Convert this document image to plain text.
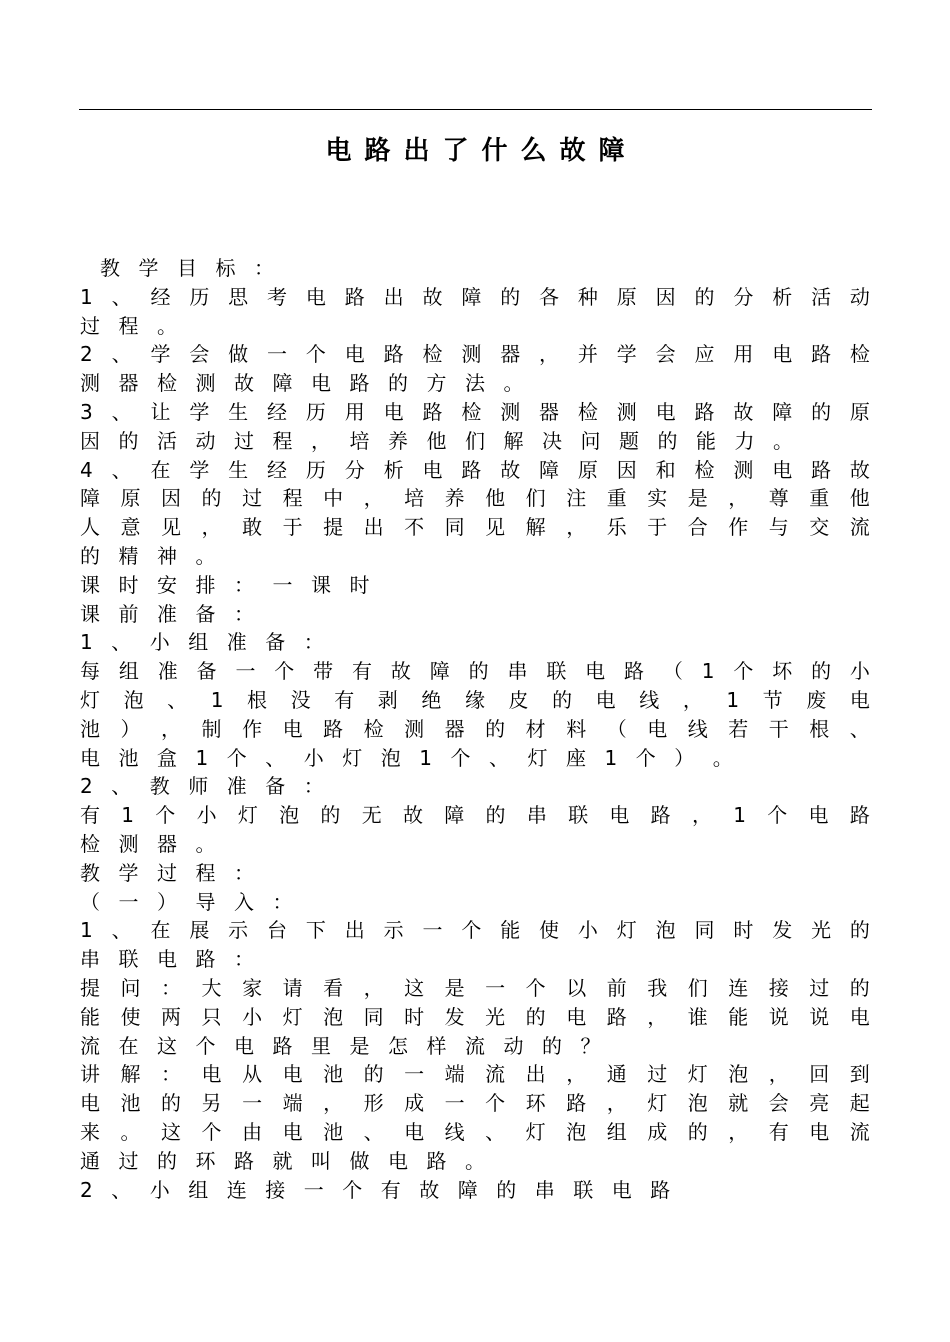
电路出了什么故障
教 学 目 标 ：
1 、 经 历 思 考 电 路 出 故 障 的 各 种 原 因 的 分 析 活 动
过 程 。
2 、 学 会 做 一 个 电 路 检 测 器 ， 并 学 会 应 用 电 路 检
测 器 检 测 故 障 电 路 的 方 法 。
3 、 让 学 生 经 历 用 电 路 检 测 器 检 测 电 路 故 障 的 原
因 的 活 动 过 程 ， 培 养 他 们 解 决 问 题 的 能 力 。
4 、 在 学 生 经 历 分 析 电 路 故 障 原 因 和 检 测 电 路 故
障 原 因 的 过 程 中 ， 培 养 他 们 注 重 实 是 ， 尊 重 他
人 意 见 ， 敢 于 提 出 不 同 见 解 ， 乐 于 合 作 与 交 流
的 精 神 。
课 时 安 排 ： 一 课 时
课 前 准 备 ：
1 、 小 组 准 备 ：
每 组 准 备 一 个 带 有 故 障 的 串 联 电 路 （ 1 个 坏 的 小
灯 泡 、 1 根 没 有 剥 绝 缘 皮 的 电 线 ， 1 节 废 电
池 ） ， 制 作 电 路 检 测 器 的 材 料 （ 电 线 若 干 根 、
电 池 盒 1 个 、 小 灯 泡 1 个 、 灯 座 1 个 ） 。
2 、 教 师 准 备 ：
有 1 个 小 灯 泡 的 无 故 障 的 串 联 电 路 ， 1 个 电 路
检 测 器 。
教 学 过 程 ：
（ 一 ） 导 入 ：
1 、 在 展 示 台 下 出 示 一 个 能 使 小 灯 泡 同 时 发 光 的
串 联 电 路 ：
提 问 ： 大 家 请 看 ， 这 是 一 个 以 前 我 们 连 接 过 的
能 使 两 只 小 灯 泡 同 时 发 光 的 电 路 ， 谁 能 说 说 电
流 在 这 个 电 路 里 是 怎 样 流 动 的 ？
讲 解 ： 电 从 电 池 的 一 端 流 出 ， 通 过 灯 泡 ， 回 到
电 池 的 另 一 端 ， 形 成 一 个 环 路 ， 灯 泡 就 会 亮 起
来 。 这 个 由 电 池 、 电 线 、 灯 泡 组 成 的 ， 有 电 流
通 过 的 环 路 就 叫 做 电 路 。
2 、 小 组 连 接 一 个 有 故 障 的 串 联 电 路
